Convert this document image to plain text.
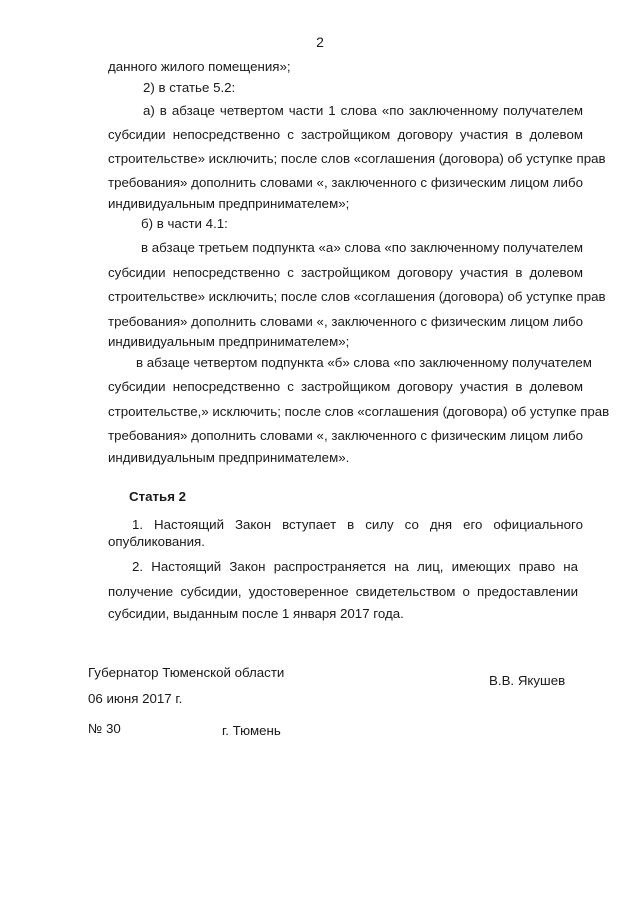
2
данного жилого помещения»;
2) в статье 5.2:
а) в абзаце четвертом части 1 слова «по заключенному получателем
субсидии непосредственно с застройщиком договору участия в долевом
строительстве» исключить; после слов «соглашения (договора) об уступке прав
требования» дополнить словами «, заключенного с физическим лицом либо
индивидуальным предпринимателем»;
б) в части 4.1:
в абзаце третьем подпункта «а» слова «по заключенному получателем
субсидии непосредственно с застройщиком договору участия в долевом
строительстве» исключить; после слов «соглашения (договора) об уступке прав
требования» дополнить словами «, заключенного с физическим лицом либо
индивидуальным предпринимателем»;
в абзаце четвертом подпункта «б» слова «по заключенному получателем
субсидии непосредственно с застройщиком договору участия в долевом
строительстве,» исключить; после слов «соглашения (договора) об уступке прав
требования» дополнить словами «, заключенного с физическим лицом либо
индивидуальным предпринимателем».
Статья 2
1. Настоящий Закон вступает в силу со дня его официального
опубликования.
2. Настоящий Закон распространяется на лиц, имеющих право на
получение субсидии, удостоверенное свидетельством о предоставлении
субсидии, выданным после 1 января 2017 года.
Губернатор Тюменской области
В.В. Якушев
06 июня 2017 г.
№ 30	г. Тюмень
